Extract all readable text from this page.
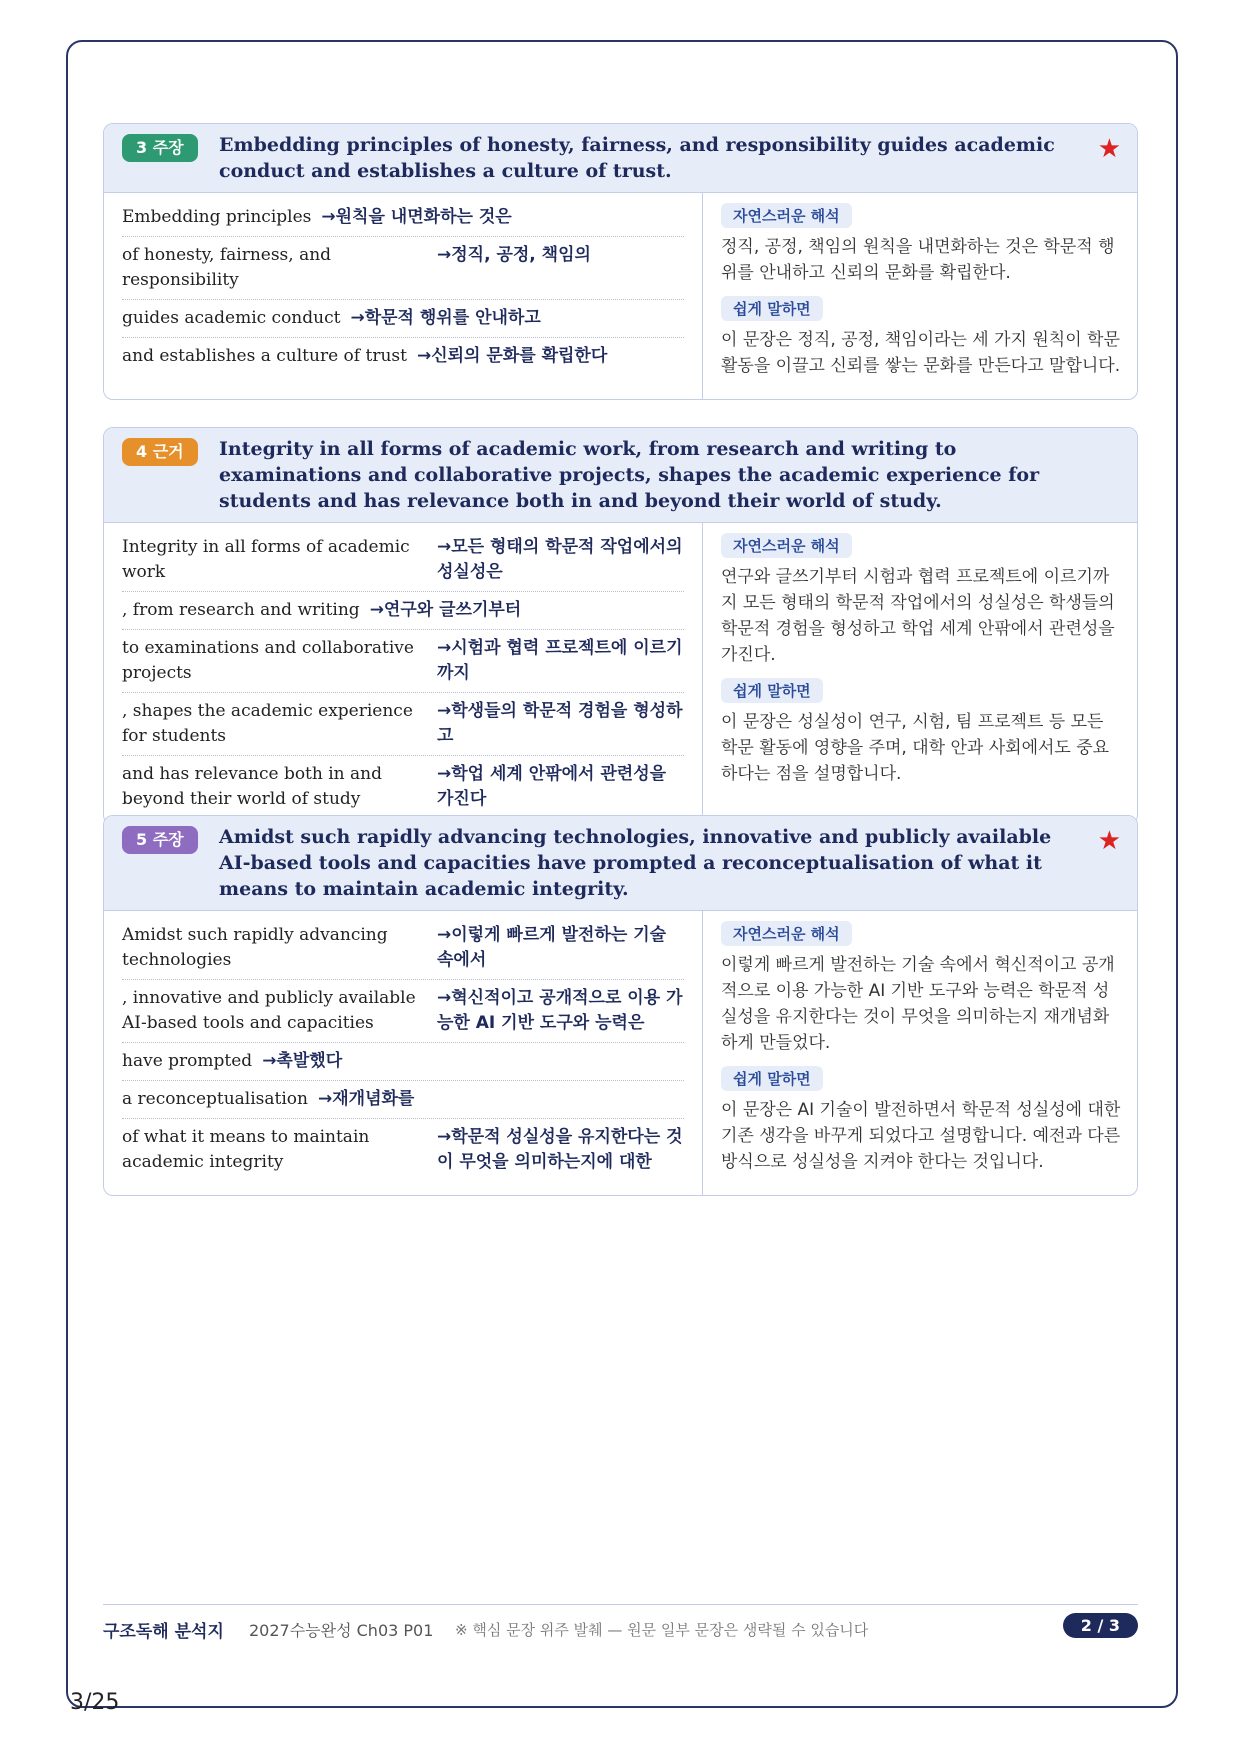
3 주장	Embedding principles of honesty, fairness, and responsibility guides academic conduct and establishes a culture of trust.
★
Embedding principles →원칙을 내면화하는 것은
of honesty, fairness, and responsibility
→정직, 공정, 책임의
guides academic conduct →학문적 행위를 안내하고
and establishes a culture of trust →신뢰의 문화를 확립한다
자연스러운 해석
정직, 공정, 책임의 원칙을 내면화하는 것은 학문적 행위를 안내하고 신뢰의 문화를 확립한다.
쉽게 말하면
이 문장은 정직, 공정, 책임이라는 세 가지 원칙이 학문 활동을 이끌고 신뢰를 쌓는 문화를 만든다고 말합니다.
4 근거	Integrity in all forms of academic work, from research and writing to examinations and collaborative projects, shapes the academic experience for students and has relevance both in and beyond their world of study.
Integrity in all forms of academic work
→모든 형태의 학문적 작업에서의 성실성은
, from research and writing →연구와 글쓰기부터
to examinations and collaborative projects
→시험과 협력 프로젝트에 이르기까지
, shapes the academic experience for students
→학생들의 학문적 경험을 형성하고
and has relevance both in and beyond their world of study
→학업 세계 안팎에서 관련성을 가진다
자연스러운 해석
연구와 글쓰기부터 시험과 협력 프로젝트에 이르기까지 모든 형태의 학문적 작업에서의 성실성은 학생들의 학문적 경험을 형성하고 학업 세계 안팎에서 관련성을 가진다.
쉽게 말하면
이 문장은 성실성이 연구, 시험, 팀 프로젝트 등 모든 학문 활동에 영향을 주며, 대학 안과 사회에서도 중요하다는 점을 설명합니다.
5 주장	Amidst such rapidly advancing technologies, innovative and publicly available AI-based tools and capacities have prompted a reconceptualisation of what it means to maintain academic integrity.
★
Amidst such rapidly advancing technologies
→이렇게 빠르게 발전하는 기술 속에서
, innovative and publicly available AI-based tools and capacities
→혁신적이고 공개적으로 이용 가능한 AI 기반 도구와 능력은
have prompted →촉발했다
a reconceptualisation →재개념화를
of what it means to maintain academic integrity
→학문적 성실성을 유지한다는 것이 무엇을 의미하는지에 대한
자연스러운 해석
이렇게 빠르게 발전하는 기술 속에서 혁신적이고 공개적으로 이용 가능한 AI 기반 도구와 능력은 학문적 성실성을 유지한다는 것이 무엇을 의미하는지 재개념화하게 만들었다.
쉽게 말하면
이 문장은 AI 기술이 발전하면서 학문적 성실성에 대한 기존 생각을 바꾸게 되었다고 설명합니다. 예전과 다른 방식으로 성실성을 지켜야 한다는 것입니다.
구조독해 분석지 2027수능완성 Ch03 P01 ※ 핵심 문장 위주 발췌 — 원문 일부 문장은 생략될 수 있습니다	2 / 3
3/25
